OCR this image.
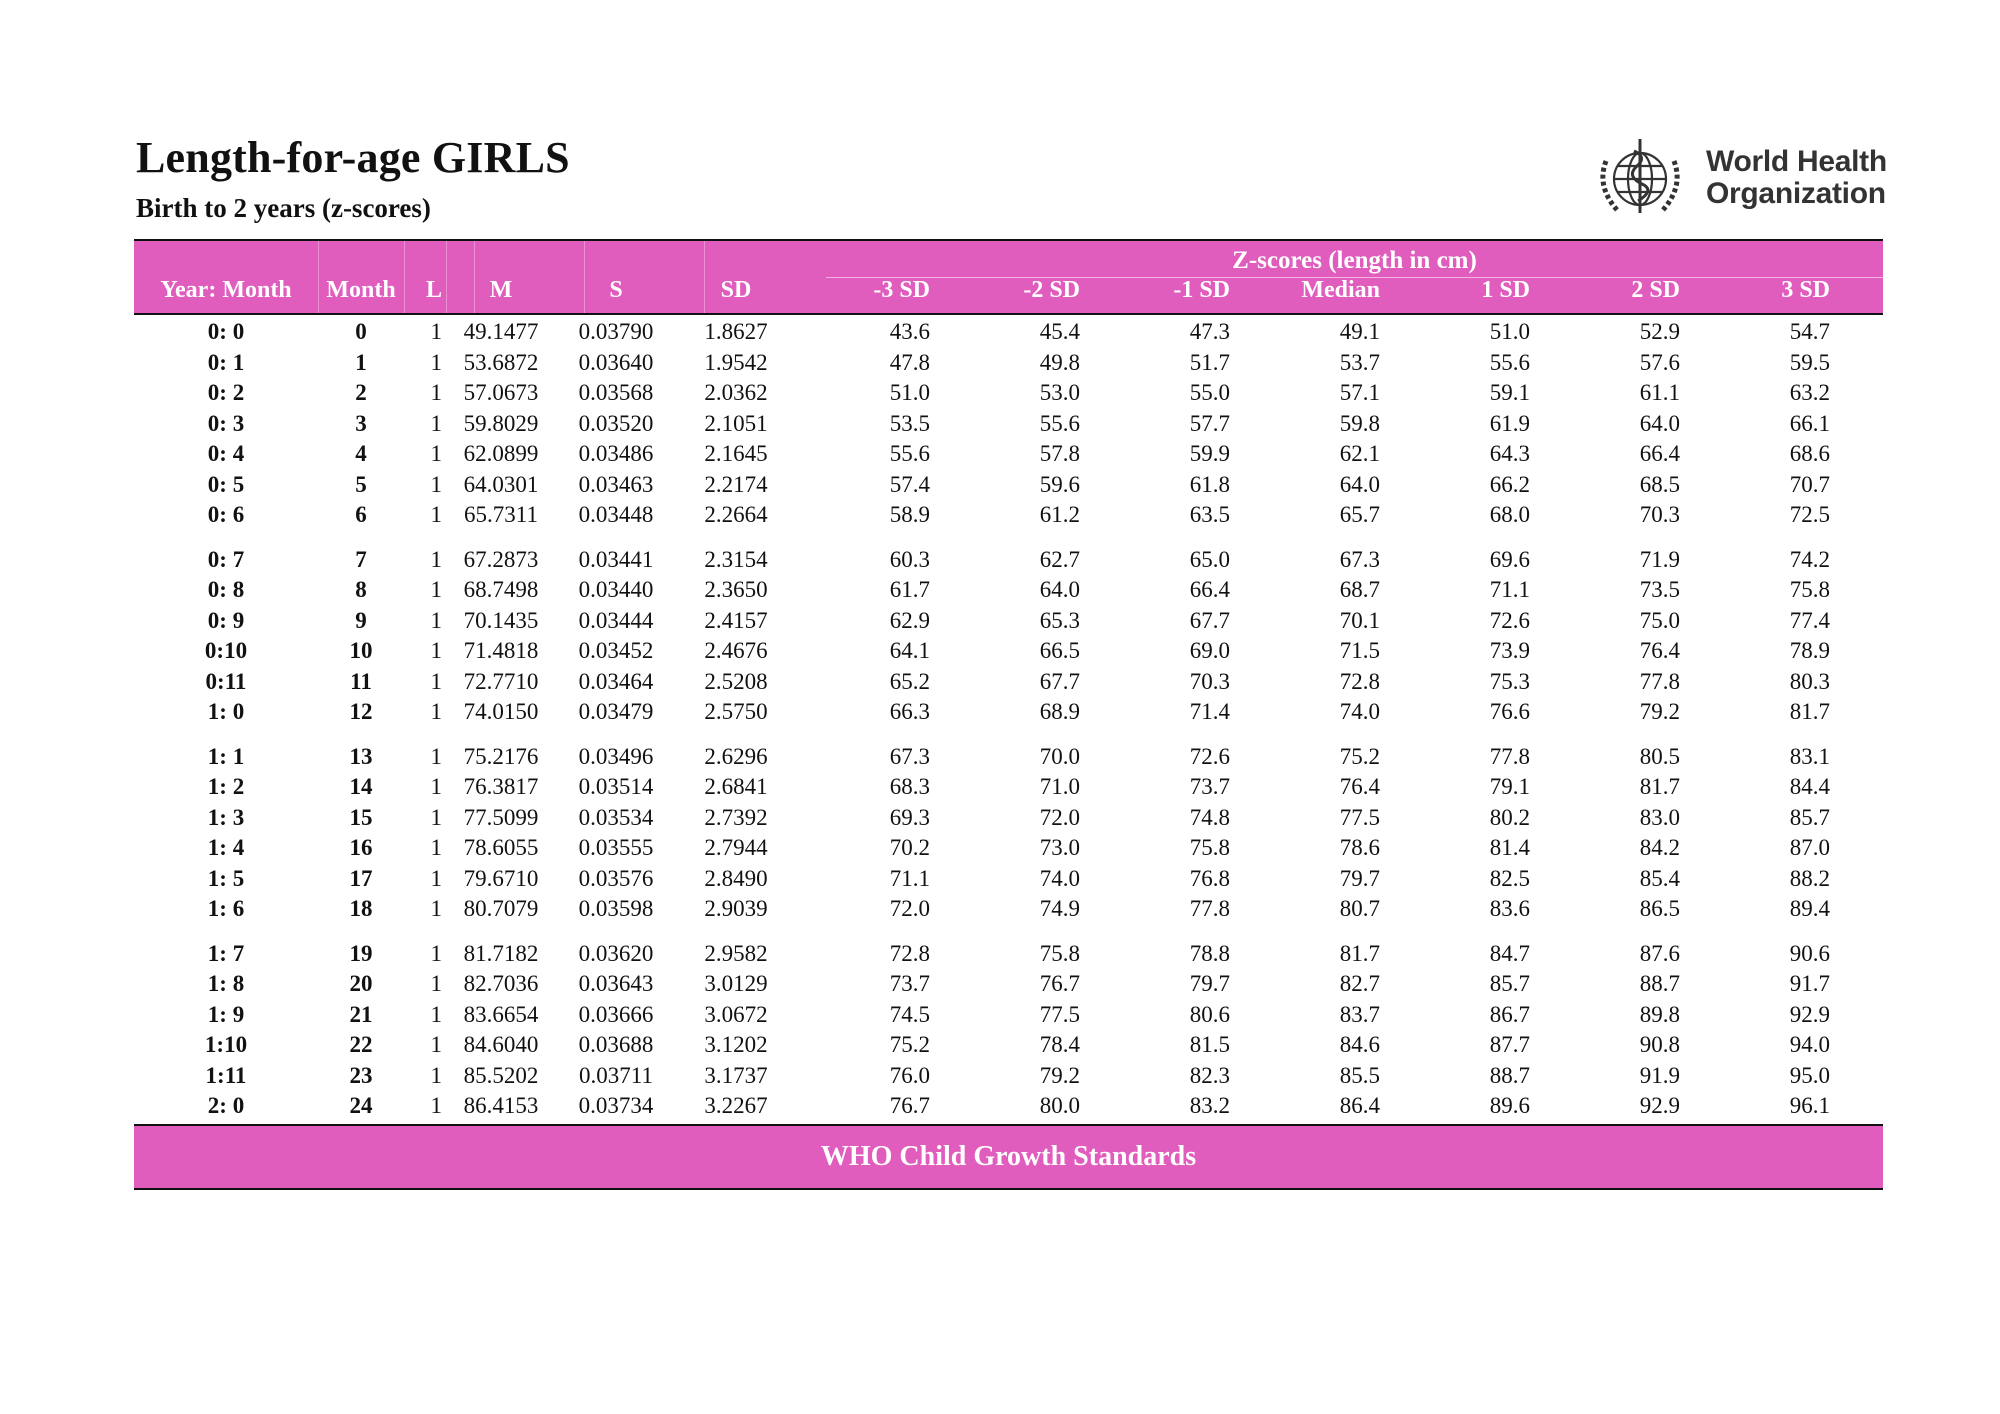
Length-for-age GIRLS
Birth to 2 years (z-scores)
World Health
Organization
Z-scores (length in cm)
Year: Month	Month	L	M	S	SD	-3 SD	-2 SD	-1 SD	Median	1 SD	2 SD	3 SD
0: 0	0	1 49.1477	0.03790	1.8627	43.6	45.4	47.3	49.1	51.0	52.9	54.7
0: 1	1	1 53.6872	0.03640	1.9542	47.8	49.8	51.7	53.7	55.6	57.6	59.5
0: 2	2	1 57.0673	0.03568	2.0362	51.0	53.0	55.0	57.1	59.1	61.1	63.2
0: 3	3	1 59.8029	0.03520	2.1051	53.5	55.6	57.7	59.8	61.9	64.0	66.1
0: 4	4	1 62.0899	0.03486	2.1645	55.6	57.8	59.9	62.1	64.3	66.4	68.6
0: 5	5	1 64.0301	0.03463	2.2174	57.4	59.6	61.8	64.0	66.2	68.5	70.7
0: 6	6	1 65.7311	0.03448	2.2664	58.9	61.2	63.5	65.7	68.0	70.3	72.5
0: 7	7	1 67.2873	0.03441	2.3154	60.3	62.7	65.0	67.3	69.6	71.9	74.2
0: 8	8	1 68.7498	0.03440	2.3650	61.7	64.0	66.4	68.7	71.1	73.5	75.8
0: 9	9	1 70.1435	0.03444	2.4157	62.9	65.3	67.7	70.1	72.6	75.0	77.4
0:10	10	1 71.4818	0.03452	2.4676	64.1	66.5	69.0	71.5	73.9	76.4	78.9
0:11	11	1 72.7710	0.03464	2.5208	65.2	67.7	70.3	72.8	75.3	77.8	80.3
1: 0	12	1 74.0150	0.03479	2.5750	66.3	68.9	71.4	74.0	76.6	79.2	81.7
1: 1	13	1 75.2176	0.03496	2.6296	67.3	70.0	72.6	75.2	77.8	80.5	83.1
1: 2	14	1 76.3817	0.03514	2.6841	68.3	71.0	73.7	76.4	79.1	81.7	84.4
1: 3	15	1 77.5099	0.03534	2.7392	69.3	72.0	74.8	77.5	80.2	83.0	85.7
1: 4	16	1 78.6055	0.03555	2.7944	70.2	73.0	75.8	78.6	81.4	84.2	87.0
1: 5	17	1 79.6710	0.03576	2.8490	71.1	74.0	76.8	79.7	82.5	85.4	88.2
1: 6	18	1 80.7079	0.03598	2.9039	72.0	74.9	77.8	80.7	83.6	86.5	89.4
1: 7	19	1 81.7182	0.03620	2.9582	72.8	75.8	78.8	81.7	84.7	87.6	90.6
1: 8	20	1 82.7036	0.03643	3.0129	73.7	76.7	79.7	82.7	85.7	88.7	91.7
1: 9	21	1 83.6654	0.03666	3.0672	74.5	77.5	80.6	83.7	86.7	89.8	92.9
1:10	22	1 84.6040	0.03688	3.1202	75.2	78.4	81.5	84.6	87.7	90.8	94.0
1:11	23	1 85.5202	0.03711	3.1737	76.0	79.2	82.3	85.5	88.7	91.9	95.0
2: 0	24	1 86.4153	0.03734	3.2267	76.7	80.0	83.2	86.4	89.6	92.9	96.1
WHO Child Growth Standards
